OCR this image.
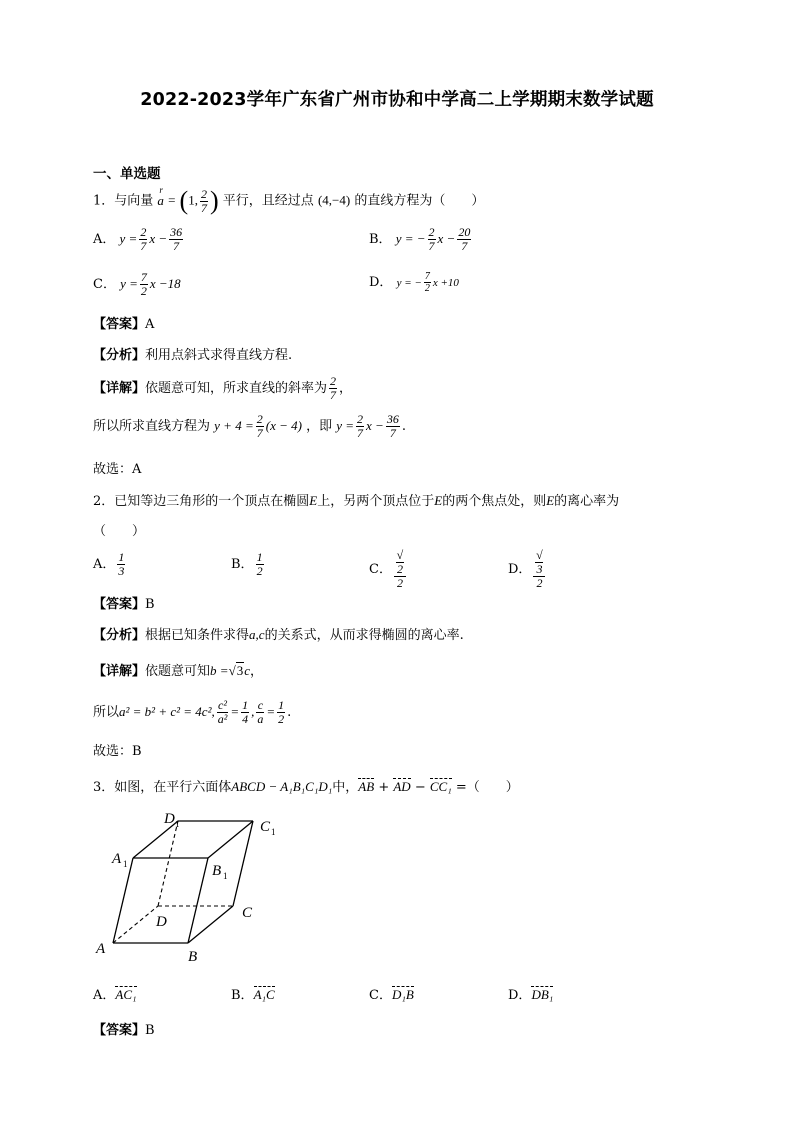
2022-2023学年广东省广州市协和中学高二上学期期末数学试题
一、单选题
1．与向量
r
a = (1, $\frac{2}{7}$ ) 平行，且经过点 (4,−4) 的直线方程为（　　）
A． $y = \frac{2}{7}$ $x - \frac{36}{7}$	B． y = − $\frac{2}{7}$ $x - \frac{20}{7}$
C． $y = \frac{7}{2}$ x −18	D． y = − $\frac{7}{2}$ x +10
【答案】A
【分析】利用点斜式求得直线方程.
【详解】依题意可知，所求直线的斜率为 $\frac{2}{7}$ ，
所以所求直线方程为 $y + 4 = \frac{2}{7} (x - 4)$ ，即 $y = \frac{2}{7}$ $x - \frac{36}{7}$ .
故选：A
2．已知等边三角形的一个顶点在椭圆E上，另两个顶点位于E的两个焦点处，则E的离心率为
（　　）
A． $\frac{1}{3}$	B． $\frac{1}{2}$	C． √
2
2	D． √
3
2
【答案】B
【分析】根据已知条件求得a,c的关系式，从而求得椭圆的离心率.
【详解】依题意可知b =√3c，
所以a² = b² + c² = 4c², $\frac{\text{c²}}{\text{a²}} = \frac{1}{4}$ , $\frac{c}{a} = \frac{1}{2}$ .
故选：B
3．如图，在平行六面体ABCD − A₁B₁C₁D₁中，AB + AD − CC₁ =（　　）
A	B
C
D
A 1	B 1
C 1
D 1
A．AC₁	B．A₁C	C．D₁B	D．DB₁
【答案】B
